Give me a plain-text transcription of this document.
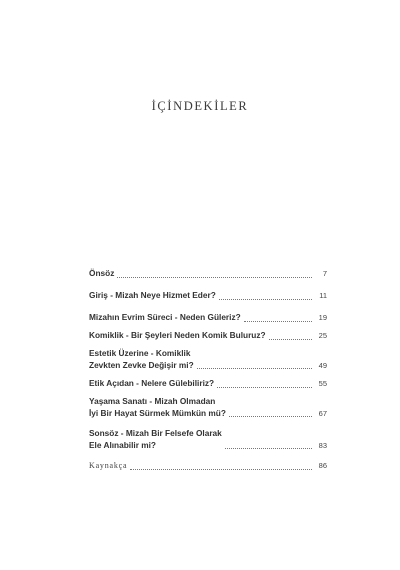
İÇİNDEKİLER
Önsöz	7
Giriş - Mizah Neye Hizmet Eder?	11
Mizahın Evrim Süreci - Neden Güleriz?	19
Komiklik - Bir Şeyleri Neden Komik Buluruz?	25
Estetik Üzerine - Komiklik
Zevkten Zevke Değişir mi?	49
Etik Açıdan - Nelere Gülebiliriz?	55
Yaşama Sanatı - Mizah Olmadan
İyi Bir Hayat Sürmek Mümkün mü?	67
Sonsöz - Mizah Bir Felsefe Olarak
Ele Alınabilir mi?	83
Kaynakça	86
